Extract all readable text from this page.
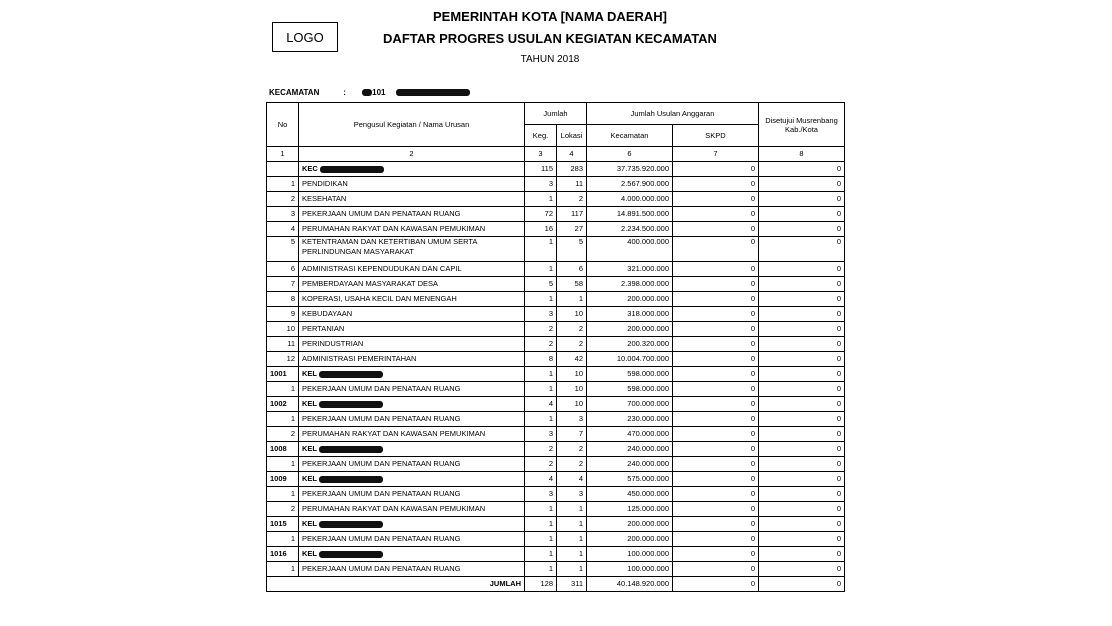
LOGO
PEMERINTAH KOTA [NAMA DAERAH]
DAFTAR PROGRES USULAN KEGIATAN KECAMATAN
TAHUN 2018
KECAMATAN	:	101
No	Pengusul Kegiatan / Nama Urusan	Jumlah		Jumlah Usulan Anggaran		Disetujui Musrenbang Kab./Kota
		Keg.	Lokasi	Kecamatan	SKPD	
1	2	3	4	6	7	8
	KEC	115	283	37.735.920.000	0	0
1	PENDIDIKAN	3	11	2.567.900.000	0	0
2	KESEHATAN	1	2	4.000.000.000	0	0
3	PEKERJAAN UMUM DAN PENATAAN RUANG	72	117	14.891.500.000	0	0
4	PERUMAHAN RAKYAT DAN KAWASAN PEMUKIMAN	16	27	2.234.500.000	0	0
5	KETENTRAMAN DAN KETERTIBAN UMUM SERTA PERLINDUNGAN MASYARAKAT	1	5	400.000.000	0	0
6	ADMINISTRASI KEPENDUDUKAN DAN CAPIL	1	6	321.000.000	0	0
7	PEMBERDAYAAN MASYARAKAT DESA	5	58	2.398.000.000	0	0
8	KOPERASI, USAHA KECIL DAN MENENGAH	1	1	200.000.000	0	0
9	KEBUDAYAAN	3	10	318.000.000	0	0
10	PERTANIAN	2	2	200.000.000	0	0
11	PERINDUSTRIAN	2	2	200.320.000	0	0
12	ADMINISTRASI PEMERINTAHAN	8	42	10.004.700.000	0	0
1001	KEL	1	10	598.000.000	0	0
1	PEKERJAAN UMUM DAN PENATAAN RUANG	1	10	598.000.000	0	0
1002	KEL	4	10	700.000.000	0	0
1	PEKERJAAN UMUM DAN PENATAAN RUANG	1	3	230.000.000	0	0
2	PERUMAHAN RAKYAT DAN KAWASAN PEMUKIMAN	3	7	470.000.000	0	0
1008	KEL	2	2	240.000.000	0	0
1	PEKERJAAN UMUM DAN PENATAAN RUANG	2	2	240.000.000	0	0
1009	KEL	4	4	575.000.000	0	0
1	PEKERJAAN UMUM DAN PENATAAN RUANG	3	3	450.000.000	0	0
2	PERUMAHAN RAKYAT DAN KAWASAN PEMUKIMAN	1	1	125.000.000	0	0
1015	KEL	1	1	200.000.000	0	0
1	PEKERJAAN UMUM DAN PENATAAN RUANG	1	1	200.000.000	0	0
1016	KEL	1	1	100.000.000	0	0
1	PEKERJAAN UMUM DAN PENATAAN RUANG	1	1	100.000.000	0	0
JUMLAH		128	311	40.148.920.000	0	0
